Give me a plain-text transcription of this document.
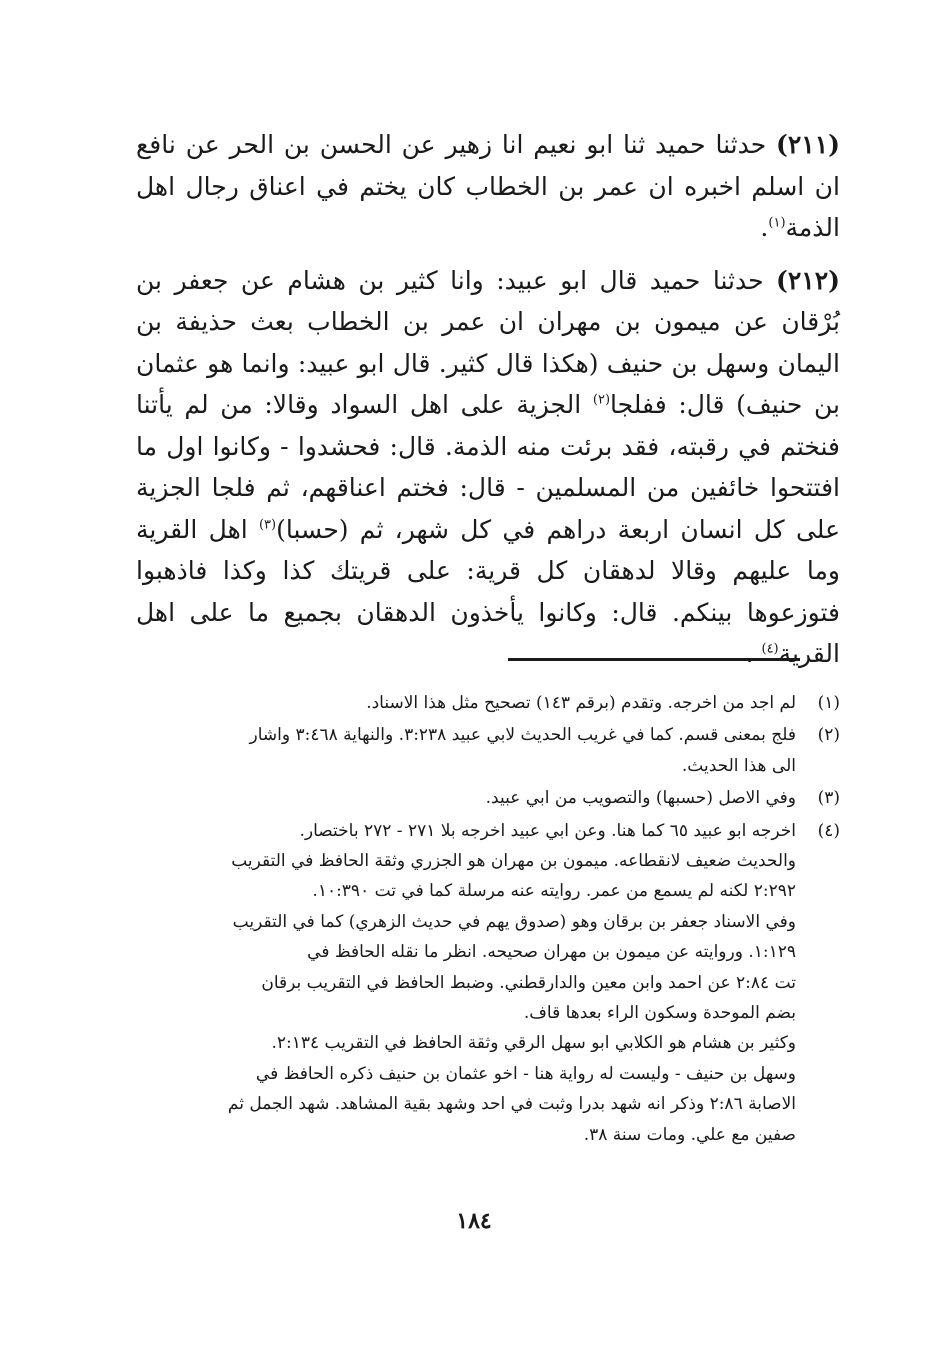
(٢١١) حدثنا حميد ثنا ابو نعيم انا زهير عن الحسن بن الحر عن نافع ان اسلم اخبره ان عمر بن الخطاب كان يختم في اعناق رجال اهل الذمة$^{(١)}$.

(٢١٢) حدثنا حميد قال ابو عبيد: وانا كثير بن هشام عن جعفر بن بُرْقان عن ميمون بن مهران ان عمر بن الخطاب بعث حذيفة بن اليمان وسهل بن حنيف (هكذا قال كثير. قال ابو عبيد: وانما هو عثمان بن حنيف) قال: ففلجا$^{(٢)}$ الجزية على اهل السواد وقالا: من لم يأتنا فنختم في رقبته، فقد برئت منه الذمة. قال: فحشدوا - وكانوا اول ما افتتحوا خائفين من المسلمين - قال: فختم اعناقهم، ثم فلجا الجزية على كل انسان اربعة دراهم في كل شهر، ثم (حسبا)$^{(٣)}$ اهل القرية وما عليهم وقالا لدهقان كل قرية: على قريتك كذا وكذا فاذهبوا فتوزعوها بينكم. قال: وكانوا يأخذون الدهقان بجميع ما على اهل القرية$^{(٤)}$ .

(١)
لم اجد من اخرجه. وتقدم (برقم ١٤٣) تصحيح مثل هذا الاسناد.
(٢)
فلج بمعنى قسم. كما في غريب الحديث لابي عبيد ٣:٢٣٨. والنهاية ٣:٤٦٨ واشار
الى هذا الحديث.
(٣)
وفي الاصل (حسبها) والتصويب من ابي عبيد.
(٤)
اخرجه ابو عبيد ٦٥ كما هنا. وعن ابي عبيد اخرجه بلا ٢٧١ - ٢٧٢ باختصار.
والحديث ضعيف لانقطاعه. ميمون بن مهران هو الجزري وثقة الحافظ في التقريب
٢:٢٩٢ لكنه لم يسمع من عمر. روايته عنه مرسلة كما في تت ١٠:٣٩٠.
وفي الاسناد جعفر بن برقان وهو (صدوق يهم في حديث الزهري) كما في التقريب
١:١٢٩. وروايته عن ميمون بن مهران صحيحه. انظر ما نقله الحافظ في
تت ٢:٨٤ عن احمد وابن معين والدارقطني. وضبط الحافظ في التقريب برقان
بضم الموحدة وسكون الراء بعدها قاف.
وكثير بن هشام هو الكلابي ابو سهل الرقي وثقة الحافظ في التقريب ٢:١٣٤.
وسهل بن حنيف - وليست له رواية هنا - اخو عثمان بن حنيف ذكره الحافظ في
الاصابة ٢:٨٦ وذكر انه شهد بدرا وثبت في احد وشهد بقية المشاهد. شهد الجمل ثم
صفين مع علي. ومات سنة ٣٨.
١٨٤
